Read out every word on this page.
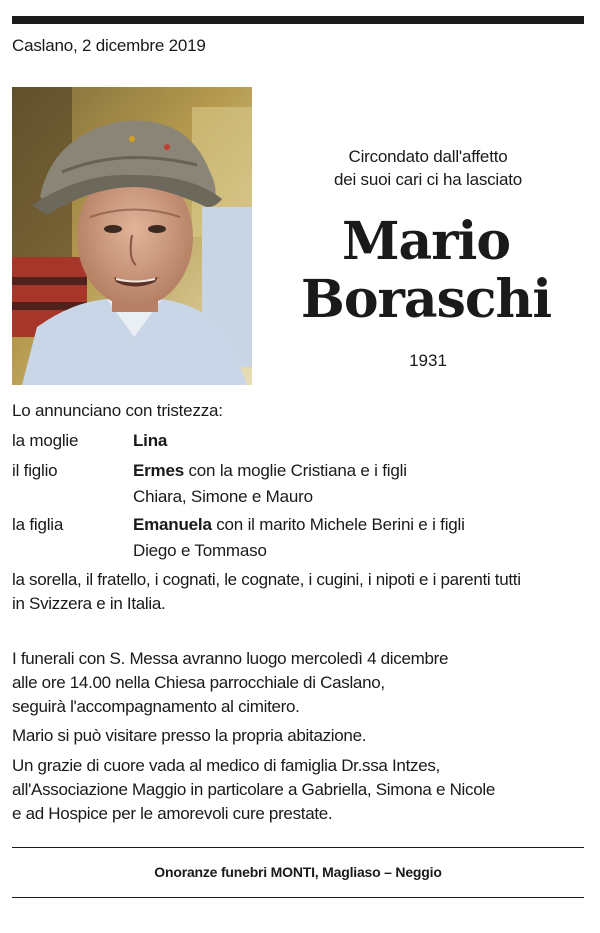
Caslano, 2 dicembre 2019
Circondato dall'affetto
dei suoi cari ci ha lasciato
Mario
Boraschi
1931
Lo annunciano con tristezza:
la moglie	Lina
il figlio	Ermes con la moglie Cristiana e i figli
Chiara, Simone e Mauro
la figlia	Emanuela con il marito Michele Berini e i figli
Diego e Tommaso
la sorella, il fratello, i cognati, le cognate, i cugini, i nipoti e i parenti tutti
in Svizzera e in Italia.
I funerali con S. Messa avranno luogo mercoledì 4 dicembre
alle ore 14.00 nella Chiesa parrocchiale di Caslano,
seguirà l'accompagnamento al cimitero.
Mario si può visitare presso la propria abitazione.
Un grazie di cuore vada al medico di famiglia Dr.ssa Intzes,
all'Associazione Maggio in particolare a Gabriella, Simona e Nicole
e ad Hospice per le amorevoli cure prestate.
Onoranze funebri MONTI, Magliaso – Neggio
